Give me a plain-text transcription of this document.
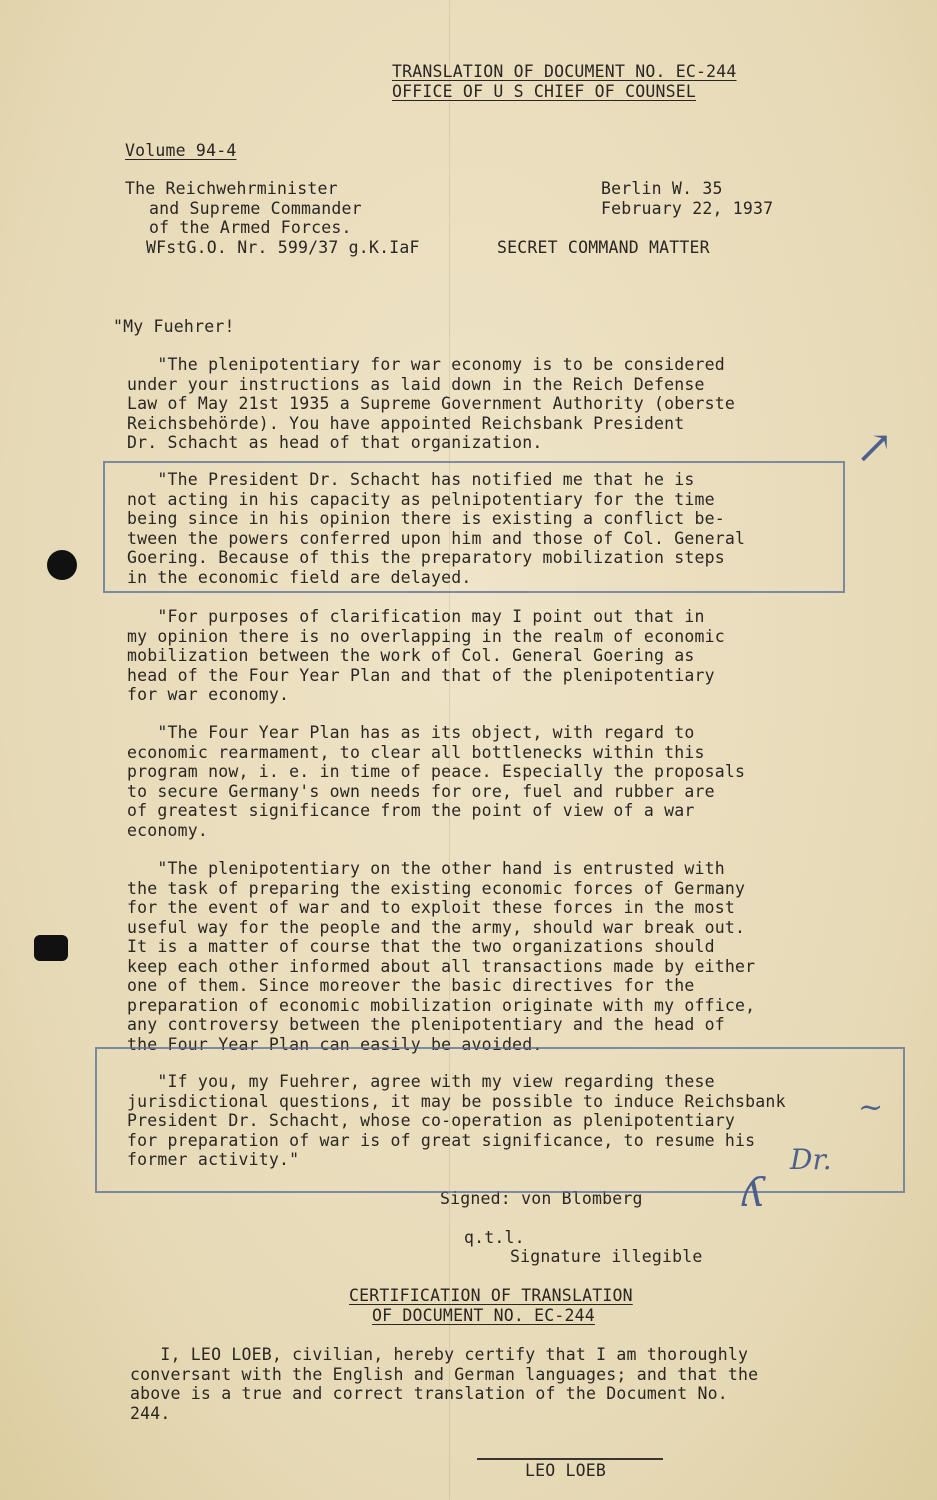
TRANSLATION OF DOCUMENT NO. EC-244
OFFICE OF U S CHIEF OF COUNSEL
Volume 94-4
The Reichwehrminister
and Supreme Commander
of the Armed Forces.
WFstG.O. Nr. 599/37 g.K.IaF
Berlin W. 35
February 22, 1937
SECRET COMMAND MATTER
"My Fuehrer!
"The plenipotentiary for war economy is to be considered
under your instructions as laid down in the Reich Defense
Law of May 21st 1935 a Supreme Government Authority (oberste
Reichsbehörde). You have appointed Reichsbank President
Dr. Schacht as head of that organization.
"The President Dr. Schacht has notified me that he is
not acting in his capacity as pelnipotentiary for the time
being since in his opinion there is existing a conflict be-
tween the powers conferred upon him and those of Col. General
Goering. Because of this the preparatory mobilization steps
in the economic field are delayed.
"For purposes of clarification may I point out that in
my opinion there is no overlapping in the realm of economic
mobilization between the work of Col. General Goering as
head of the Four Year Plan and that of the plenipotentiary
for war economy.
"The Four Year Plan has as its object, with regard to
economic rearmament, to clear all bottlenecks within this
program now, i. e. in time of peace. Especially the proposals
to secure Germany's own needs for ore, fuel and rubber are
of greatest significance from the point of view of a war
economy.
"The plenipotentiary on the other hand is entrusted with
the task of preparing the existing economic forces of Germany
for the event of war and to exploit these forces in the most
useful way for the people and the army, should war break out.
It is a matter of course that the two organizations should
keep each other informed about all transactions made by either
one of them. Since moreover the basic directives for the
preparation of economic mobilization originate with my office,
any controversy between the plenipotentiary and the head of
the Four Year Plan can easily be avoided.
"If you, my Fuehrer, agree with my view regarding these
jurisdictional questions, it may be possible to induce Reichsbank
President Dr. Schacht, whose co-operation as plenipotentiary
for preparation of war is of great significance, to resume his
former activity."
Signed: von Blomberg
q.t.l.
Signature illegible
CERTIFICATION OF TRANSLATION
OF DOCUMENT NO. EC-244
I, LEO LOEB, civilian, hereby certify that I am thoroughly
conversant with the English and German languages; and that the
above is a true and correct translation of the Document No.
244.
LEO LOEB
↗
Dr.
ʎ
~
